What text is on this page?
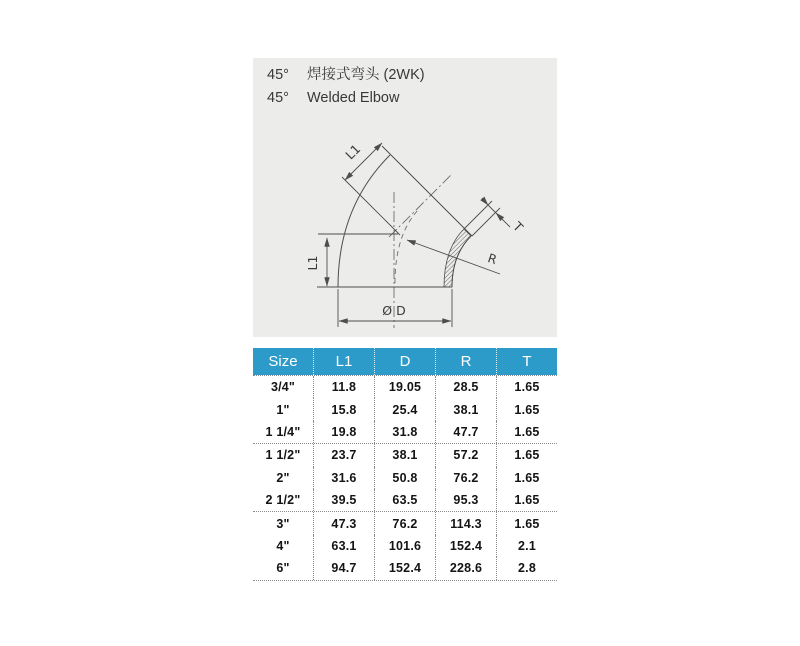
45°	焊接式弯头 (2WK)
45°	Welded Elbow
L1
L1
Ø D
R
T
Size	L1	D	R	T
3/4"	11.8	19.05	28.5	1.65
1"	15.8	25.4	38.1	1.65
1 1/4"	19.8	31.8	47.7	1.65
1 1/2"	23.7	38.1	57.2	1.65
2"	31.6	50.8	76.2	1.65
2 1/2"	39.5	63.5	95.3	1.65
3"	47.3	76.2	114.3	1.65
4"	63.1	101.6	152.4	2.1
6"	94.7	152.4	228.6	2.8
